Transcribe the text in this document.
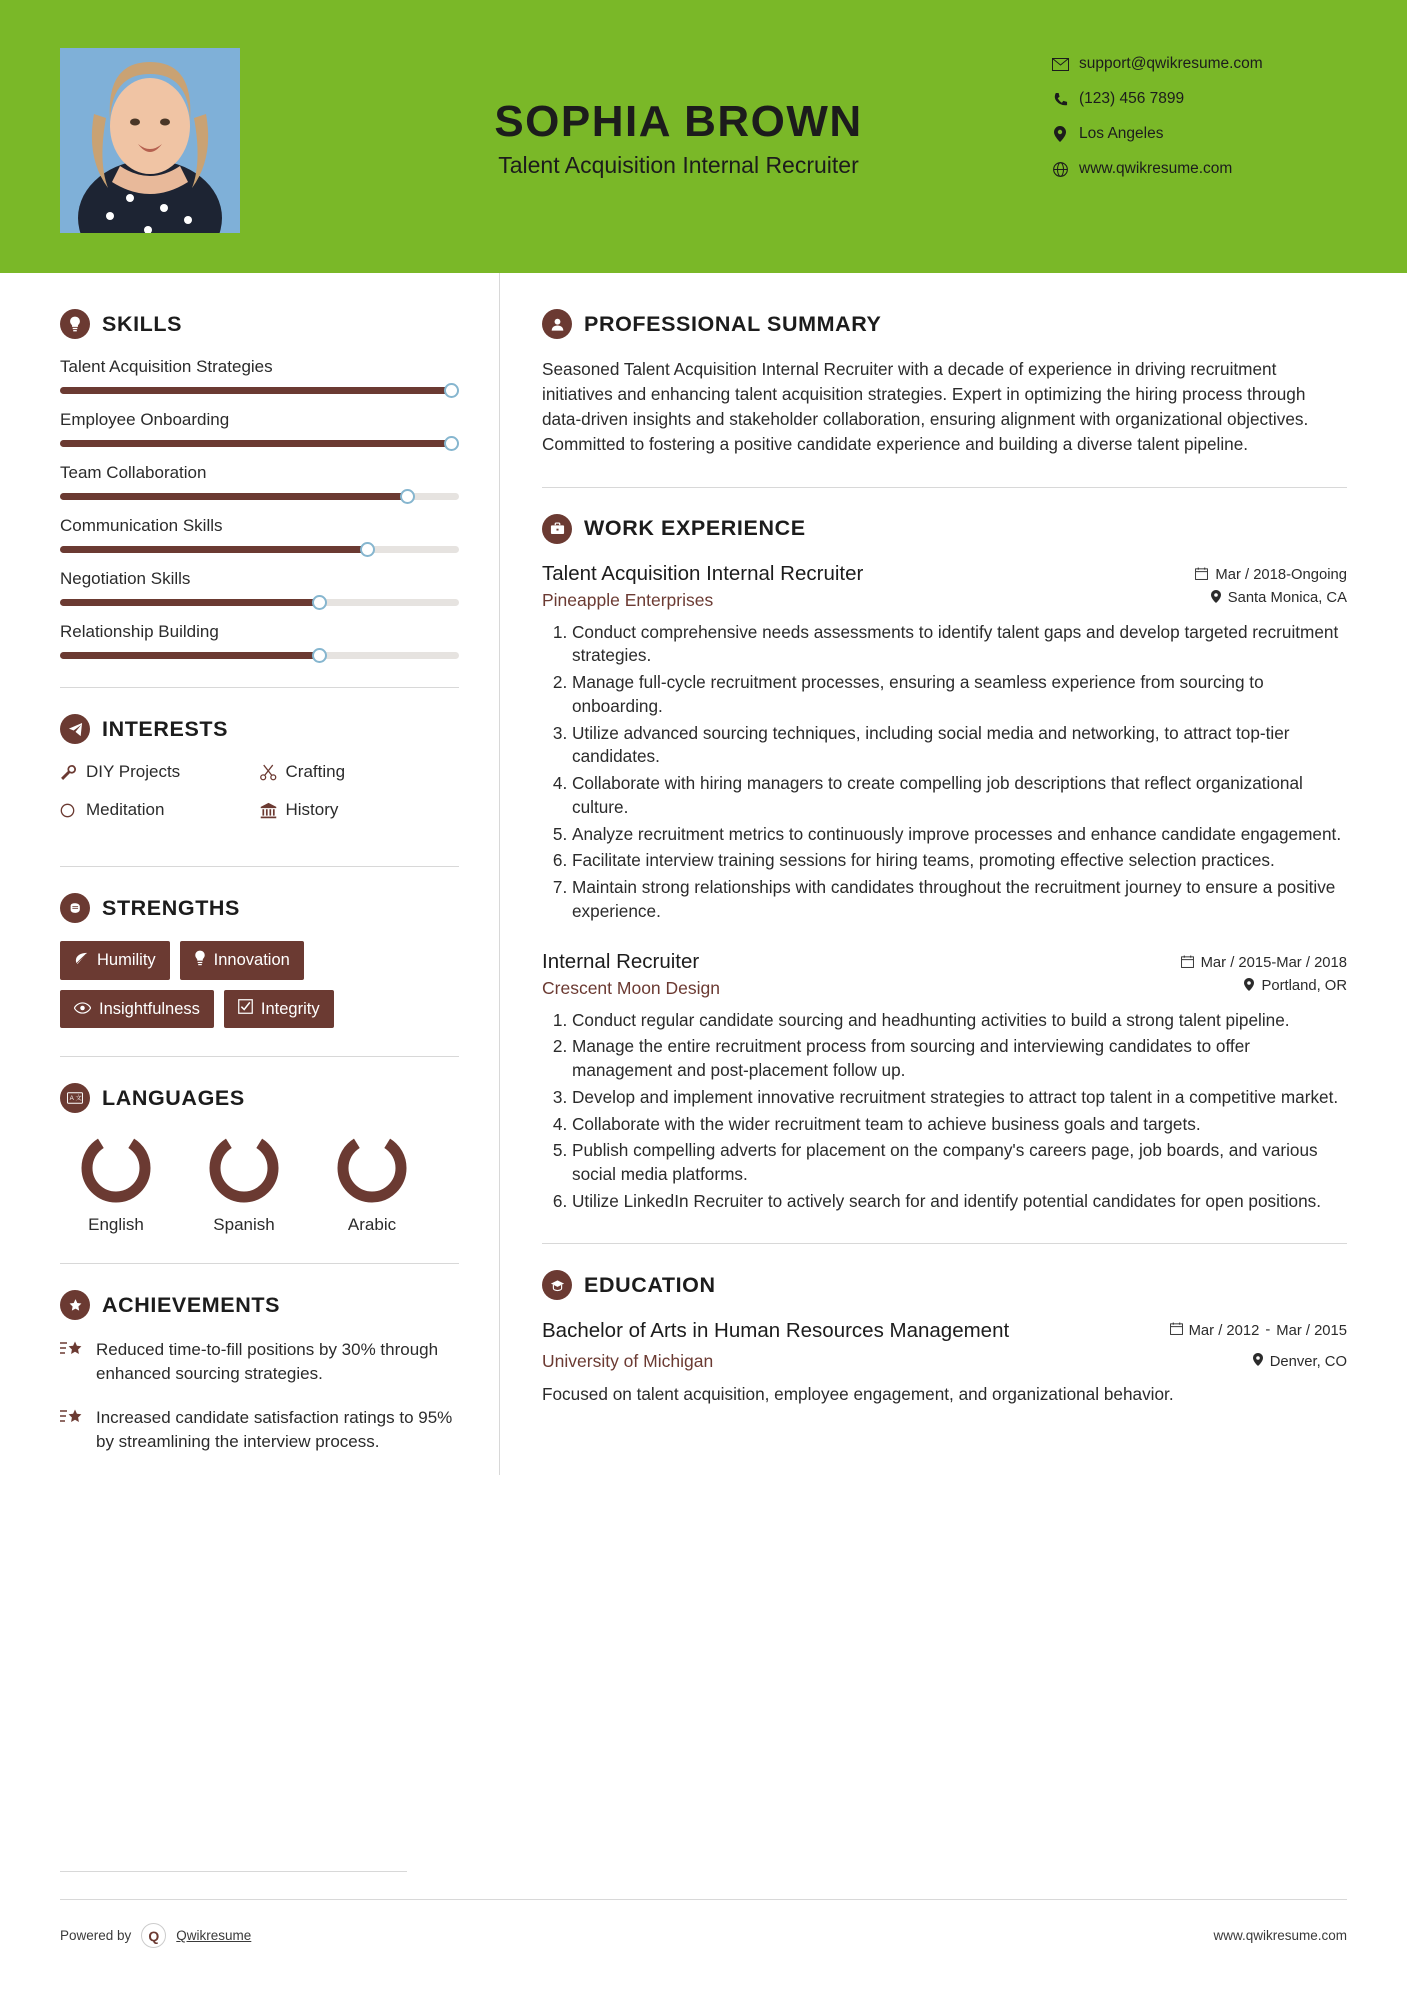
SOPHIA BROWN
Talent Acquisition Internal Recruiter
support@qwikresume.com
(123) 456 7899
Los Angeles
www.qwikresume.com
SKILLS
Talent Acquisition Strategies
Employee Onboarding
Team Collaboration
Communication Skills
Negotiation Skills
Relationship Building
INTERESTS
DIY Projects	Crafting
Meditation	History
STRENGTHS
Humility	Innovation
Insightfulness	Integrity
A 文 LANGUAGES
English	Spanish	Arabic
ACHIEVEMENTS
Reduced time-to-fill positions by 30% through enhanced sourcing strategies.
Increased candidate satisfaction ratings to 95% by streamlining the interview process.
PROFESSIONAL SUMMARY
Seasoned Talent Acquisition Internal Recruiter with a decade of experience in driving recruitment initiatives and enhancing talent acquisition strategies. Expert in optimizing the hiring process through data-driven insights and stakeholder collaboration, ensuring alignment with organizational objectives. Committed to fostering a positive candidate experience and building a diverse talent pipeline.
WORK EXPERIENCE
Talent Acquisition Internal Recruiter	Mar / 2018-Ongoing
Pineapple Enterprises	Santa Monica, CA
1. Conduct comprehensive needs assessments to identify talent gaps and develop targeted recruitment strategies.
2. Manage full-cycle recruitment processes, ensuring a seamless experience from sourcing to onboarding.
3. Utilize advanced sourcing techniques, including social media and networking, to attract top-tier candidates.
4. Collaborate with hiring managers to create compelling job descriptions that reflect organizational culture.
5. Analyze recruitment metrics to continuously improve processes and enhance candidate engagement.
6. Facilitate interview training sessions for hiring teams, promoting effective selection practices.
7. Maintain strong relationships with candidates throughout the recruitment journey to ensure a positive experience.
Internal Recruiter	Mar / 2015-Mar / 2018
Crescent Moon Design	Portland, OR
1. Conduct regular candidate sourcing and headhunting activities to build a strong talent pipeline.
2. Manage the entire recruitment process from sourcing and interviewing candidates to offer management and post-placement follow up.
3. Develop and implement innovative recruitment strategies to attract top talent in a competitive market.
4. Collaborate with the wider recruitment team to achieve business goals and targets.
5. Publish compelling adverts for placement on the company's careers page, job boards, and various social media platforms.
6. Utilize LinkedIn Recruiter to actively search for and identify potential candidates for open positions.
EDUCATION
Bachelor of Arts in Human Resources Management	Mar / 2012 - Mar / 2015
University of Michigan	Denver, CO
Focused on talent acquisition, employee engagement, and organizational behavior.
Powered by Q Qwikresume	www.qwikresume.com
